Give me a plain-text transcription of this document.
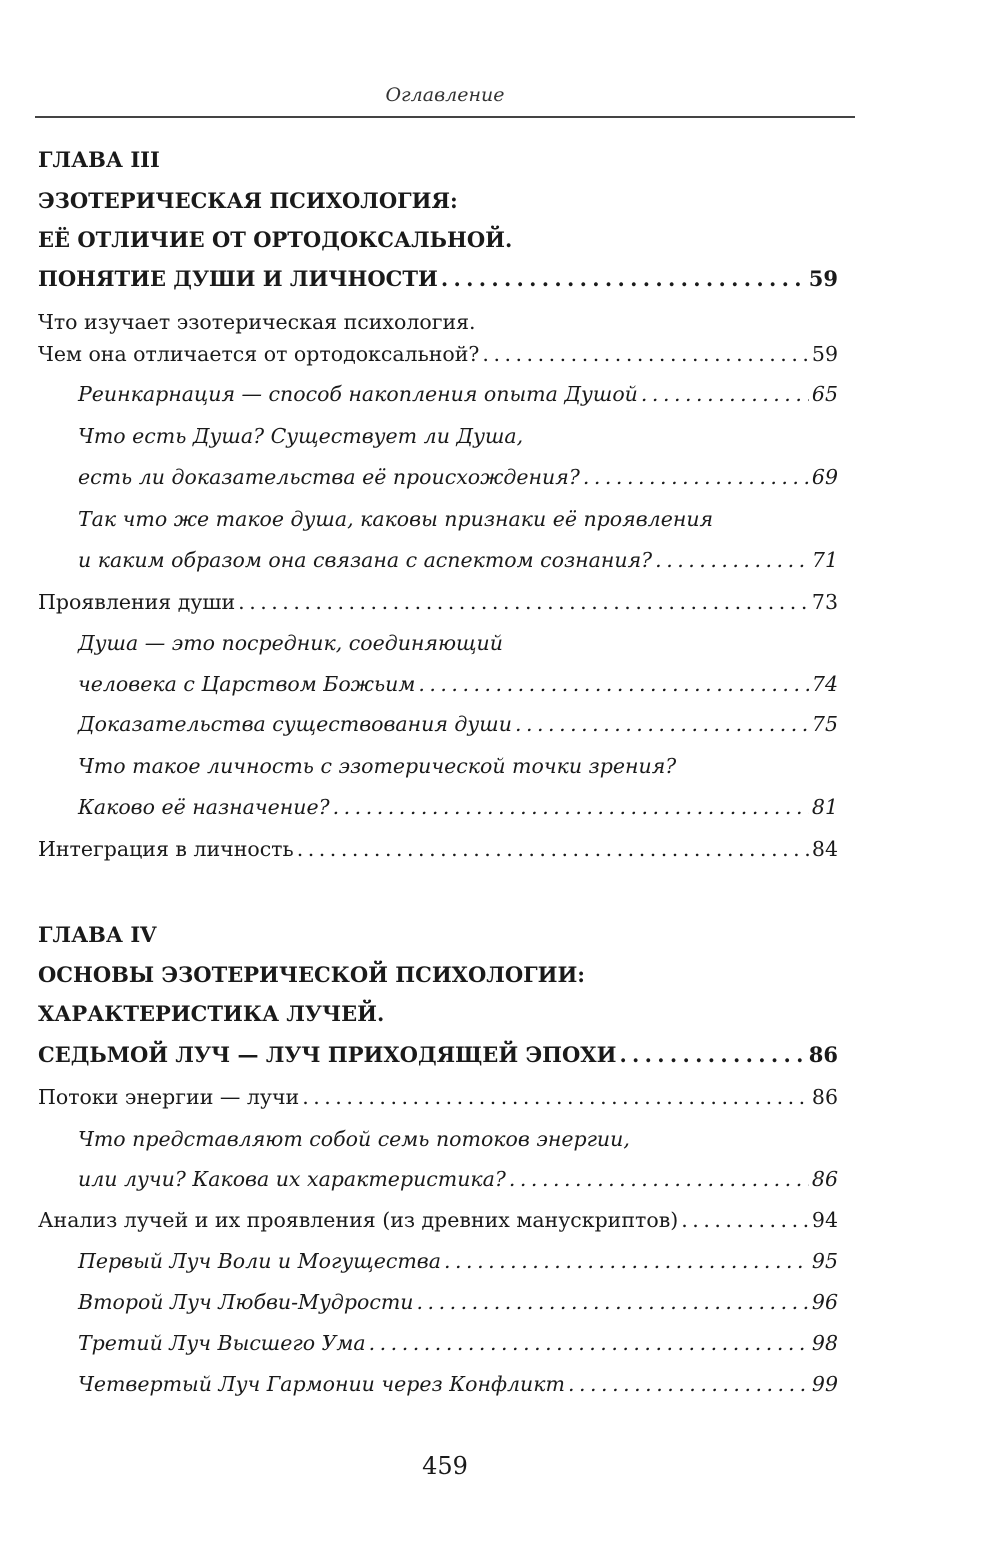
Оглавление
ГЛАВА III
ЭЗОТЕРИЧЕСКАЯ ПСИХОЛОГИЯ:
ЕЁ ОТЛИЧИЕ ОТ ОРТОДОКСАЛЬНОЙ.
ПОНЯТИЕ ДУШИ И ЛИЧНОСТИ . . .	59
Что изучает эзотерическая психология.
Чем она отличается от ортодоксальной? . . .	59
Реинкарнация — способ накопления опыта Душой . . .	65
Что есть Душа? Существует ли Душа,
есть ли доказательства её происхождения? . . .	69
Так что же такое душа, каковы признаки её проявления
и каким образом она связана с аспектом сознания? . . .	71
Проявления души . . .	73
Душа — это посредник, соединяющий
человека с Царством Божьим . . .	74
Доказательства существования души . . .	75
Что такое личность с эзотерической точки зрения?
Каково её назначение? . . .	81
Интеграция в личность . . .	84
ГЛАВА IV
ОСНОВЫ ЭЗОТЕРИЧЕСКОЙ ПСИХОЛОГИИ:
ХАРАКТЕРИСТИКА ЛУЧЕЙ.
СЕДЬМОЙ ЛУЧ — ЛУЧ ПРИХОДЯЩЕЙ ЭПОХИ . . .	86
Потоки энергии — лучи . . .	86
Что представляют собой семь потоков энергии,
или лучи? Какова их характеристика? . . .	86
Анализ лучей и их проявления (из древних манускриптов) . . .	94
Первый Луч Воли и Могущества . . .	95
Второй Луч Любви-Мудрости . . .	96
Третий Луч Высшего Ума . . .	98
Четвертый Луч Гармонии через Конфликт . . .	99
459
